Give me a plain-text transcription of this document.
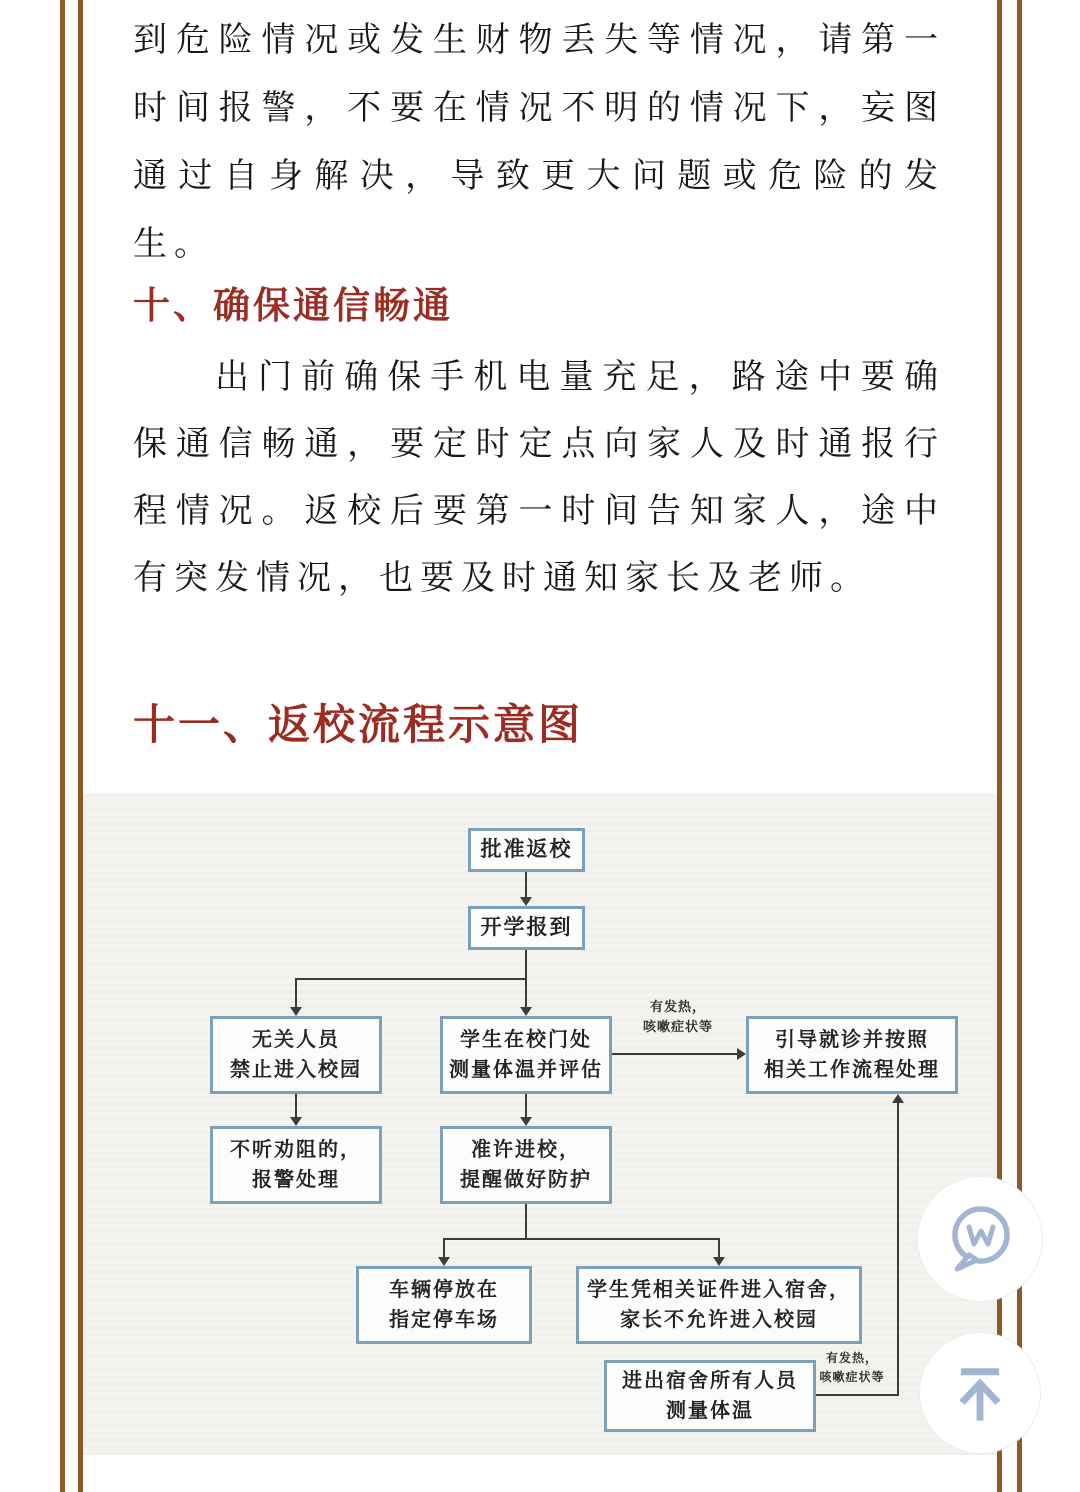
到危险情况或发生财物丢失等情况，请第一时间报警，不要在情况不明的情况下，妄图通过自身解决，导致更大问题或危险的发生。
十、确保通信畅通
出门前确保手机电量充足，路途中要确保通信畅通，要定时定点向家人及时通报行程情况。返校后要第一时间告知家人，途中有突发情况，也要及时通知家长及老师。
十一、返校流程示意图
批准返校
开学报到
无关人员
禁止进入校园
学生在校门处
测量体温并评估
引导就诊并按照
相关工作流程处理
不听劝阻的，
报警处理
准许进校，
提醒做好防护
车辆停放在
指定停车场
学生凭相关证件进入宿舍，
家长不允许进入校园
进出宿舍所有人员
测量体温
有发热，
咳嗽症状等
有发热，
咳嗽症状等
